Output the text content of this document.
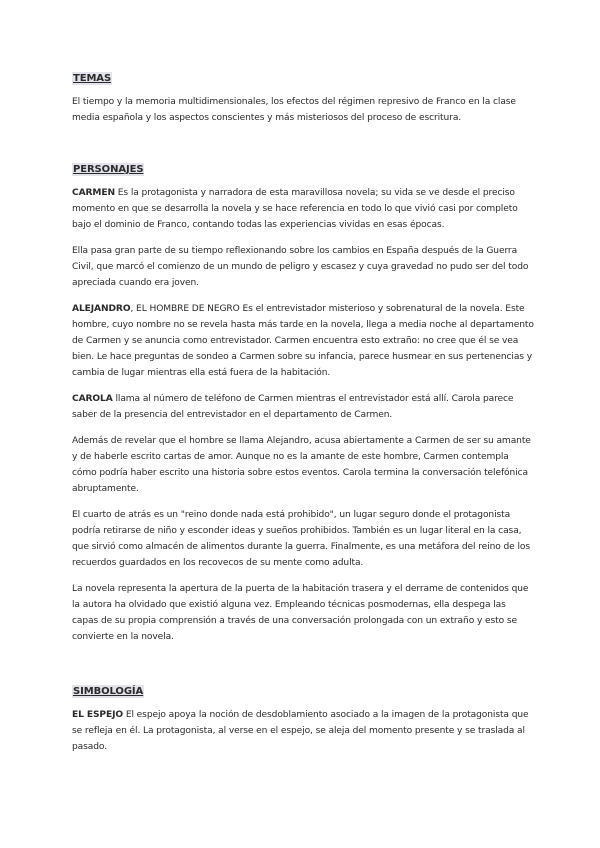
TEMAS

El tiempo y la memoria multidimensionales, los efectos del régimen represivo de Franco en la clase media española y los aspectos conscientes y más misteriosos del proceso de escritura.

PERSONAJES

CARMEN Es la protagonista y narradora de esta maravillosa novela; su vida se ve desde el preciso momento en que se desarrolla la novela y se hace referencia en todo lo que vivió casi por completo bajo el dominio de Franco, contando todas las experiencias vividas en esas épocas.

Ella pasa gran parte de su tiempo reflexionando sobre los cambios en España después de la Guerra Civil, que marcó el comienzo de un mundo de peligro y escasez y cuya gravedad no pudo ser del todo apreciada cuando era joven.

ALEJANDRO, EL HOMBRE DE NEGRO Es el entrevistador misterioso y sobrenatural de la novela. Este hombre, cuyo nombre no se revela hasta más tarde en la novela, llega a media noche al departamento de Carmen y se anuncia como entrevistador. Carmen encuentra esto extraño: no cree que él se vea bien. Le hace preguntas de sondeo a Carmen sobre su infancia, parece husmear en sus pertenencias y cambia de lugar mientras ella está fuera de la habitación.

CAROLA llama al número de teléfono de Carmen mientras el entrevistador está allí. Carola parece saber de la presencia del entrevistador en el departamento de Carmen.

Además de revelar que el hombre se llama Alejandro, acusa abiertamente a Carmen de ser su amante y de haberle escrito cartas de amor. Aunque no es la amante de este hombre, Carmen contempla cómo podría haber escrito una historia sobre estos eventos. Carola termina la conversación telefónica abruptamente.

El cuarto de atrás es un "reino donde nada está prohibido", un lugar seguro donde el protagonista podría retirarse de niño y esconder ideas y sueños prohibidos. También es un lugar literal en la casa, que sirvió como almacén de alimentos durante la guerra. Finalmente, es una metáfora del reino de los recuerdos guardados en los recovecos de su mente como adulta.

La novela representa la apertura de la puerta de la habitación trasera y el derrame de contenidos que la autora ha olvidado que existió alguna vez. Empleando técnicas posmodernas, ella despega las capas de su propia comprensión a través de una conversación prolongada con un extraño y esto se convierte en la novela.

SIMBOLOGÍA

EL ESPEJO El espejo apoya la noción de desdoblamiento asociado a la imagen de la protagonista que se refleja en él. La protagonista, al verse en el espejo, se aleja del momento presente y se traslada al pasado.
